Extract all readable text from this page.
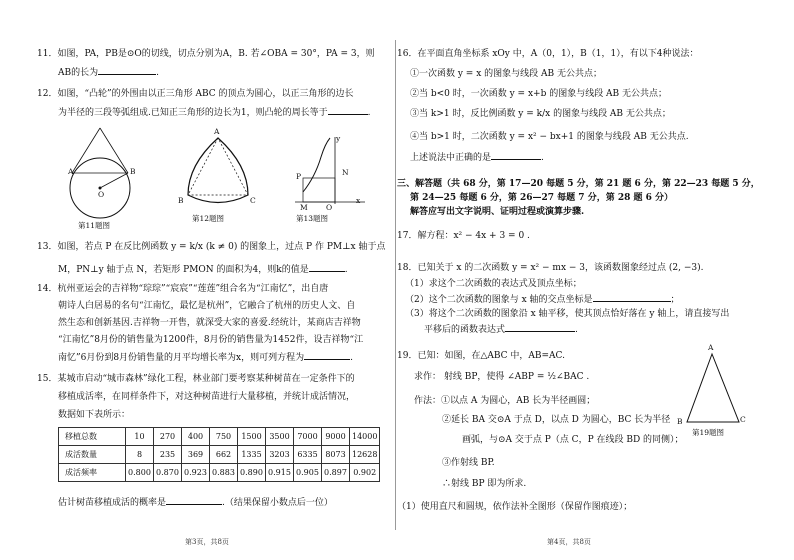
11．如图，PA，PB是⊙O的切线，切点分别为A，B. 若∠OBA = 30°，PA = 3，则
AB的长为	.
12．如图，“凸轮”的外围由以正三角形 ABC 的顶点为圆心，以正三角形的边长
为半径的三段等弧组成.已知正三角形的边长为1，则凸轮的周长等于	.
A	B
O
第11题图
A
B	C
第12题图
y
P	N
M O
x
第13题图
13．如图，若点 P 在反比例函数 y = k/x (k ≠ 0) 的图象上，过点 P 作 PM⊥x 轴于点
M，PN⊥y 轴于点 N，若矩形 PMON 的面积为4，则k的值是	.
14．杭州亚运会的吉祥物“琮琮”“宸宸”“莲莲”组合名为“江南忆”，出自唐
朝诗人白居易的名句“江南忆，最忆是杭州”，它融合了杭州的历史人文、自
然生态和创新基因.吉祥物一开售，就深受大家的喜爱.经统计，某商店吉祥物
“江南忆”8月份的销售量为1200件，8月份的销售量为1452件，设吉祥物“江
南忆”6月份到8月份销售量的月平均增长率为x，则可列方程为	.
15．某城市启动“城市森林”绿化工程，林业部门要考察某种树苗在一定条件下的
移植成活率，在同样条件下，对这种树苗进行大量移植，并统计成活情况，
数据如下表所示：
移植总数	10	270	400	750	1500	3500	7000	9000	14000
成活数量	8	235	369	662	1335	3203	6335	8073	12628
成活频率	0.800	0.870	0.923	0.883	0.890	0.915	0.905	0.897	0.902
估计树苗移植成活的概率是	.（结果保留小数点后一位）
第3页，共8页
16．在平面直角坐标系 xOy 中，A（0，1），B（1，1），有以下4种说法：
①一次函数 y = x 的图象与线段 AB 无公共点；
②当 b<0 时，一次函数 y = x+b 的图象与线段 AB 无公共点；
③当 k>1 时，反比例函数 y = k/x 的图象与线段 AB 无公共点；
④当 b>1 时，二次函数 y = x² − bx+1 的图象与线段 AB 无公共点.
上述说法中正确的是	.
三、解答题（共 68 分，第 17—20 每题 5 分，第 21 题 6 分，第 22—23 每题 5 分，
第 24—25 每题 6 分，第 26—27 每题 7 分，第 28 题 6 分）
解答应写出文字说明、证明过程或演算步骤.
17．解方程：x² − 4x + 3 = 0 .
18．已知关于 x 的二次函数 y = x² − mx − 3，该函数图象经过点 (2, −3).
（1）求这个二次函数的表达式及顶点坐标；
（2）这个二次函数的图象与 x 轴的交点坐标是	；
（3）将这个二次函数的图象沿 x 轴平移，使其顶点恰好落在 y 轴上，请直接写出
平移后的函数表达式	.
19．已知：如图，在△ABC 中，AB=AC.
求作： 射线 BP，使得 ∠ABP = ½∠BAC .
作法：①以点 A 为圆心，AB 长为半径画圆；
②延长 BA 交⊙A 于点 D，以点 D 为圆心，BC 长为半径
画弧，与⊙A 交于点 P（点 C，P 在线段 BD 的同侧）；
③作射线 BP.
∴射线 BP 即为所求.
（1）使用直尺和圆规，依作法补全图形（保留作图痕迹）；
A
B	C
第19题图
第4页，共8页
